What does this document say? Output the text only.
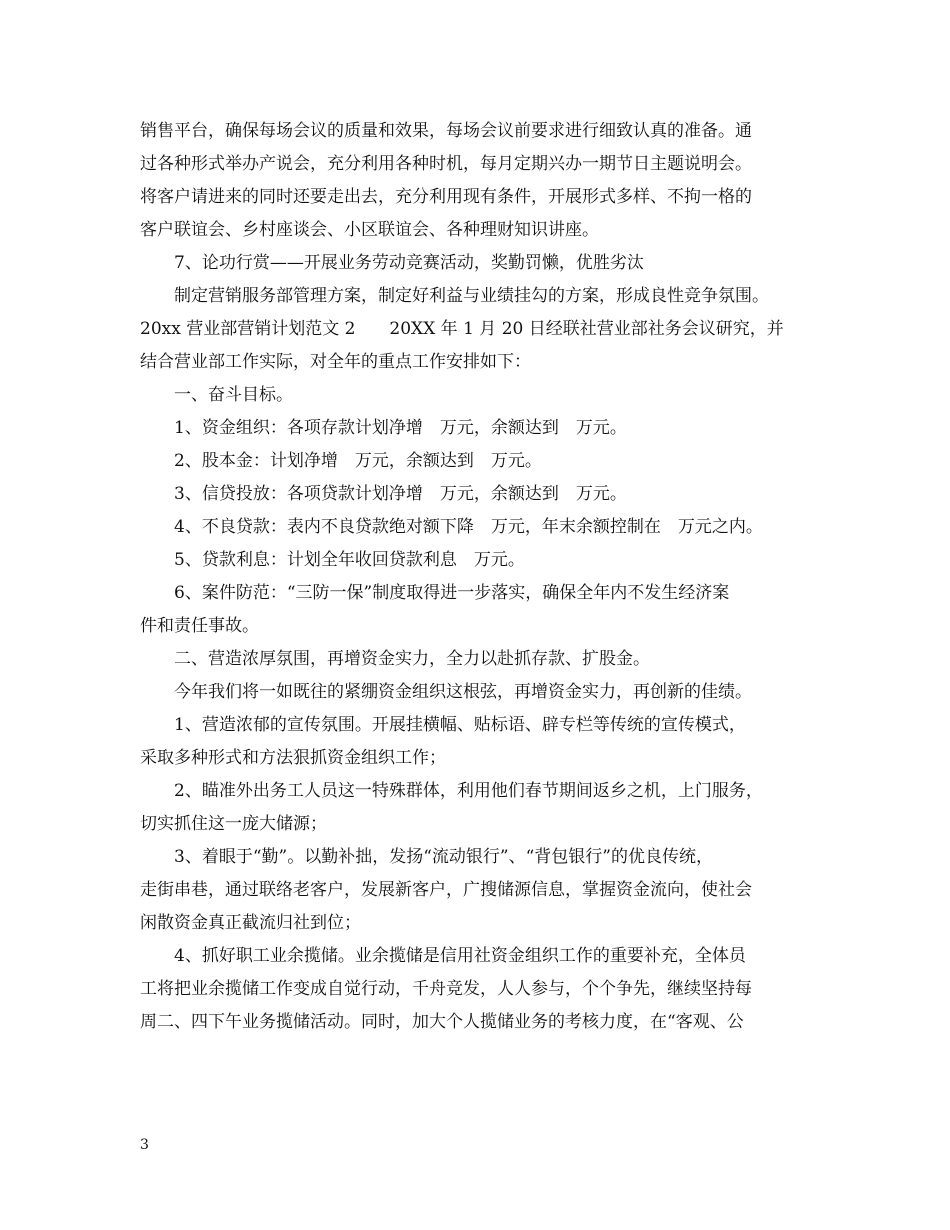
销售平台，确保每场会议的质量和效果，每场会议前要求进行细致认真的准备。通
过各种形式举办产说会，充分利用各种时机，每月定期兴办一期节日主题说明会。
将客户请进来的同时还要走出去，充分利用现有条件，开展形式多样、不拘一格的
客户联谊会、乡村座谈会、小区联谊会、各种理财知识讲座。
7、论功行赏——开展业务劳动竞赛活动，奖勤罚懒，优胜劣汰
制定营销服务部管理方案，制定好利益与业绩挂勾的方案，形成良性竞争氛围。
20xx 营业部营销计划范文 2　　20XX 年 1 月 20 日经联社营业部社务会议研究，并
结合营业部工作实际，对全年的重点工作安排如下：
一、奋斗目标。
1、资金组织：各项存款计划净增　万元，余额达到　万元。
2、股本金：计划净增　万元，余额达到　万元。
3、信贷投放：各项贷款计划净增　万元，余额达到　万元。
4、不良贷款：表内不良贷款绝对额下降　万元，年末余额控制在　万元之内。
5、贷款利息：计划全年收回贷款利息　万元。
6、案件防范：“三防一保”制度取得进一步落实，确保全年内不发生经济案
件和责任事故。
二、营造浓厚氛围，再增资金实力，全力以赴抓存款、扩股金。
今年我们将一如既往的紧绷资金组织这根弦，再增资金实力，再创新的佳绩。
1、营造浓郁的宣传氛围。开展挂横幅、贴标语、辟专栏等传统的宣传模式，
采取多种形式和方法狠抓资金组织工作；
2、瞄准外出务工人员这一特殊群体，利用他们春节期间返乡之机，上门服务，
切实抓住这一庞大储源；
3、着眼于“勤”。以勤补拙，发扬“流动银行”、“背包银行”的优良传统，
走街串巷，通过联络老客户，发展新客户，广搜储源信息，掌握资金流向，使社会
闲散资金真正截流归社到位；
4、抓好职工业余揽储。业余揽储是信用社资金组织工作的重要补充，全体员
工将把业余揽储工作变成自觉行动，千舟竞发，人人参与，个个争先，继续坚持每
周二、四下午业务揽储活动。同时，加大个人揽储业务的考核力度，在“客观、公
3
